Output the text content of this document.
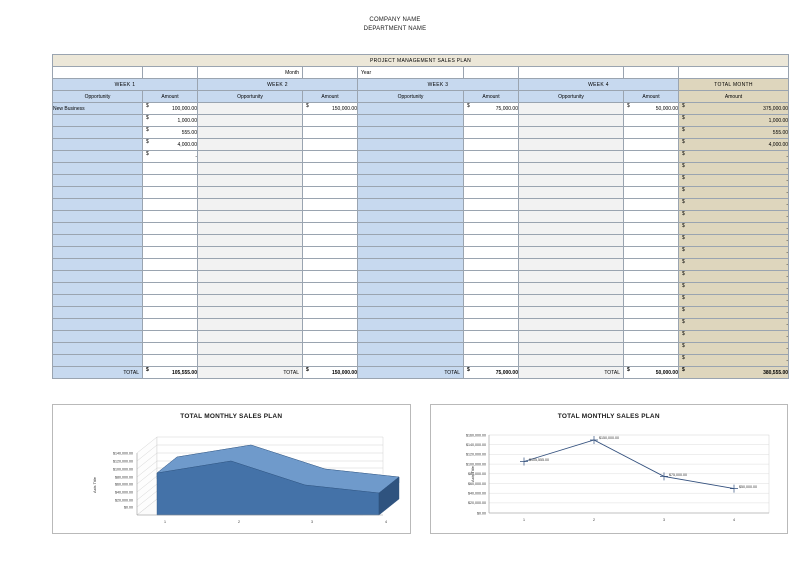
COMPANY NAME
DEPARTMENT NAME
PROJECT MANAGEMENT SALES PLAN								
		Month		Year				
WEEK 1		WEEK 2		WEEK 3		WEEK 4		TOTAL MONTH
Opportunity	Amount	Opportunity	Amount	Opportunity	Amount	Opportunity	Amount	Amount
New Business	$ 100,000.00		$ 150,000.00		$ 75,000.00		$ 50,000.00	$ 375,000.00

	$ 1,000.00							$ 1,000.00

	$ 555.00							$ 555.00

	$ 4,000.00							$ 4,000.00

	$ -							$ -

								$ -

								$ -

								$ -

								$ -

								$ -

								$ -

								$ -

								$ -

								$ -

								$ -

								$ -

								$ -

								$ -

								$ -

								$ -

								$ -

								$ -
TOTAL	$ 105,555.00	TOTAL	$ 150,000.00	TOTAL	$ 75,000.00	TOTAL	$ 50,000.00	$ 380,555.00
TOTAL MONTHLY SALES PLAN
$0.00
$20,000.00
$40,000.00
$60,000.00
$80,000.00
$100,000.00
$120,000.00
$140,000.00
1	2	3	4
Axis Title
TOTAL MONTHLY SALES PLAN
$0.00
$20,000.00
$40,000.00
$60,000.00
$80,000.00
$100,000.00
$120,000.00
$140,000.00
$160,000.00
$105,555.00
$150,000.00
$75,000.00
$50,000.00
1	2	3	4
Axis Title
